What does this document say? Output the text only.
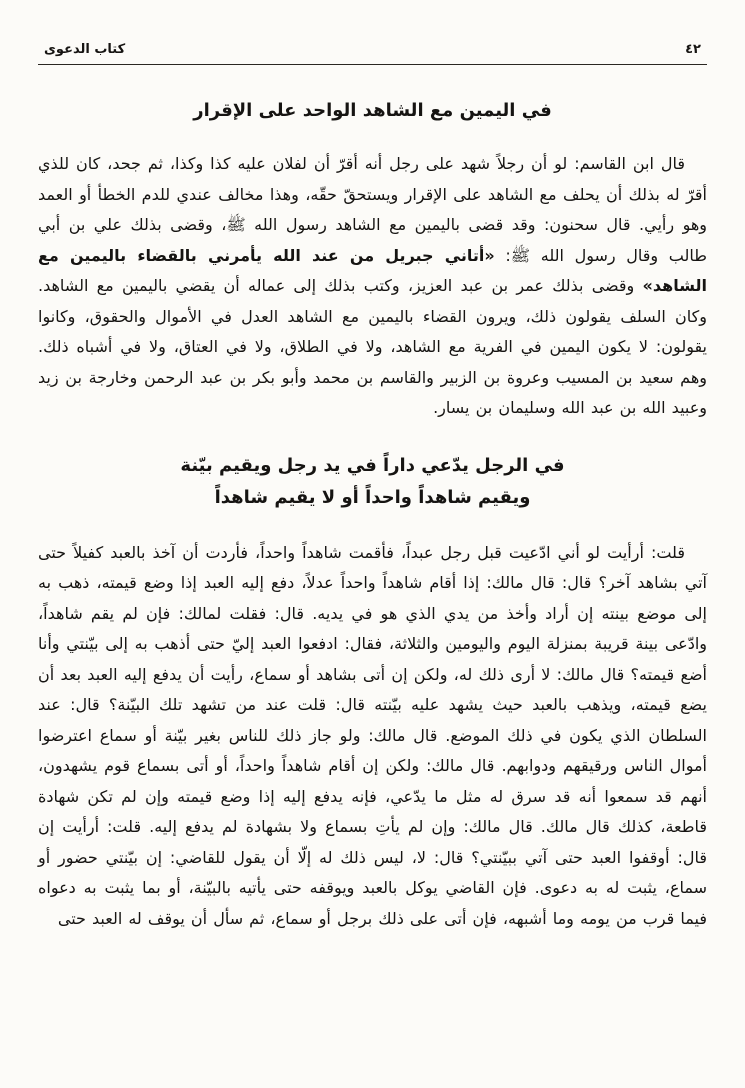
٤٢
كتاب الدعوى
في اليمين مع الشاهد الواحد على الإقرار

قال ابن القاسم: لو أن رجلاً شهد على رجل أنه أقرّ أن لفلان عليه كذا وكذا، ثم جحد، كان للذي أقرّ له بذلك أن يحلف مع الشاهد على الإقرار ويستحقّ حقّه، وهذا مخالف عندي للدم الخطأ أو العمد وهو رأيي. قال سحنون: وقد قضى باليمين مع الشاهد رسول الله ﷺ، وقضى بذلك علي بن أبي طالب وقال رسول الله ﷺ: «أتاني جبريل من عند الله يأمرني بالقضاء باليمين مع الشاهد» وقضى بذلك عمر بن عبد العزيز، وكتب بذلك إلى عماله أن يقضي باليمين مع الشاهد. وكان السلف يقولون ذلك، ويرون القضاء باليمين مع الشاهد العدل في الأموال والحقوق، وكانوا يقولون: لا يكون اليمين في الفرية مع الشاهد، ولا في الطلاق، ولا في العتاق، ولا في أشباه ذلك. وهم سعيد بن المسيب وعروة بن الزبير والقاسم بن محمد وأبو بكر بن عبد الرحمن وخارجة بن زيد وعبيد الله بن عبد الله وسليمان بن يسار.

في الرجل يدّعي داراً في يد رجل ويقيم بيّنة
ويقيم شاهداً واحداً أو لا يقيم شاهداً

قلت: أرأيت لو أني ادّعيت قبل رجل عبداً، فأقمت شاهداً واحداً، فأردت أن آخذ بالعبد كفيلاً حتى آتي بشاهد آخر؟ قال: قال مالك: إذا أقام شاهداً واحداً عدلاً، دفع إليه العبد إذا وضع قيمته، ذهب به إلى موضع بينته إن أراد وأخذ من يدي الذي هو في يديه. قال: فقلت لمالك: فإن لم يقم شاهداً، وادّعى بينة قريبة بمنزلة اليوم واليومين والثلاثة، فقال: ادفعوا العبد إليّ حتى أذهب به إلى بيّنتي وأنا أضع قيمته؟ قال مالك: لا أرى ذلك له، ولكن إن أتى بشاهد أو سماع، رأيت أن يدفع إليه العبد بعد أن يضع قيمته، ويذهب بالعبد حيث يشهد عليه بيّنته قال: قلت عند من تشهد تلك البيّنة؟ قال: عند السلطان الذي يكون في ذلك الموضع. قال مالك: ولو جاز ذلك للناس بغير بيّنة أو سماع اعترضوا أموال الناس ورقيقهم ودوابهم. قال مالك: ولكن إن أقام شاهداً واحداً، أو أتى بسماع قوم يشهدون، أنهم قد سمعوا أنه قد سرق له مثل ما يدّعي، فإنه يدفع إليه إذا وضع قيمته وإن لم تكن شهادة قاطعة، كذلك قال مالك. قال مالك: وإن لم يأتِ بسماع ولا بشهادة لم يدفع إليه. قلت: أرأيت إن قال: أوقفوا العبد حتى آتي ببيّنتي؟ قال: لا، ليس ذلك له إلّا أن يقول للقاضي: إن بيّنتي حضور أو سماع، يثبت له به دعوى. فإن القاضي يوكل بالعبد ويوقفه حتى يأتيه بالبيّنة، أو بما يثبت به دعواه فيما قرب من يومه وما أشبهه، فإن أتى على ذلك برجل أو سماع، ثم سأل أن يوقف له العبد حتى
